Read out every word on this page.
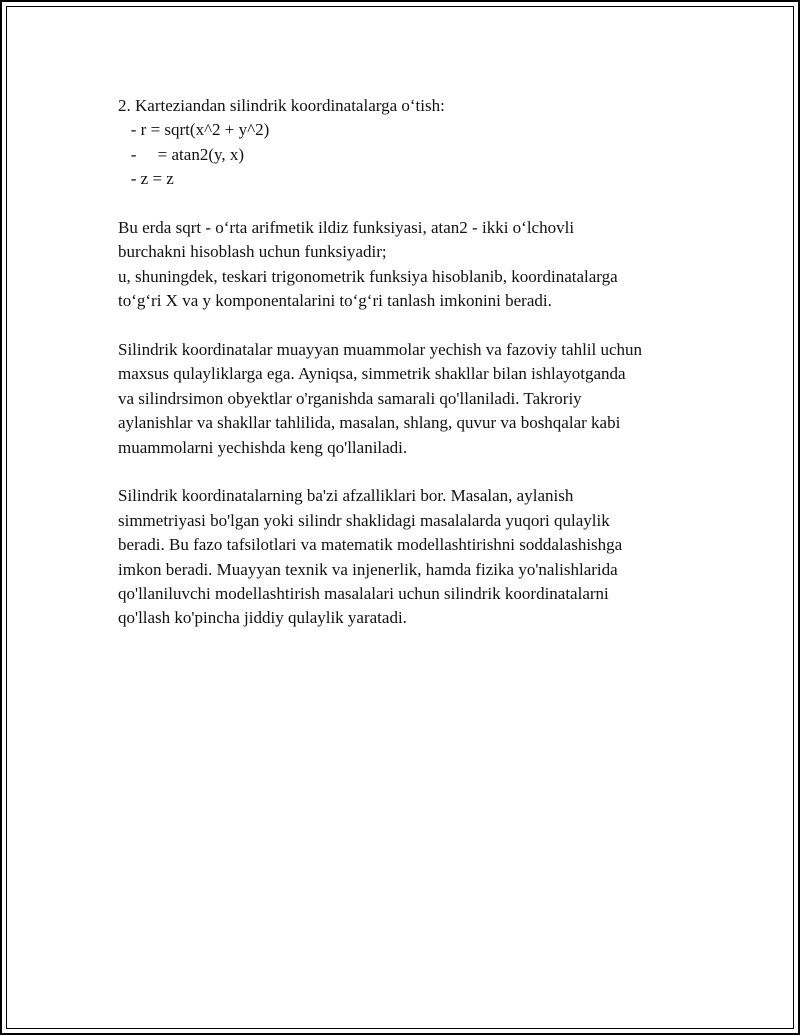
2. Karteziandan silindrik koordinatalarga o‘tish:
- r = sqrt(x^2 + y^2)
-     = atan2(y, x)
- z = z
Bu erda sqrt - o‘rta arifmetik ildiz funksiyasi, atan2 - ikki o‘lchovli
burchakni hisoblash uchun funksiyadir;
u, shuningdek, teskari trigonometrik funksiya hisoblanib, koordinatalarga
to‘g‘ri X va y komponentalarini to‘g‘ri tanlash imkonini beradi.
Silindrik koordinatalar muayyan muammolar yechish va fazoviy tahlil uchun
maxsus qulayliklarga ega. Ayniqsa, simmetrik shakllar bilan ishlayotganda
va silindrsimon obyektlar o'rganishda samarali qo'llaniladi. Takroriy
aylanishlar va shakllar tahlilida, masalan, shlang, quvur va boshqalar kabi
muammolarni yechishda keng qo'llaniladi.
Silindrik koordinatalarning ba'zi afzalliklari bor. Masalan, aylanish
simmetriyasi bo'lgan yoki silindr shaklidagi masalalarda yuqori qulaylik
beradi. Bu fazo tafsilotlari va matematik modellashtirishni soddalashishga
imkon beradi. Muayyan texnik va injenerlik, hamda fizika yo'nalishlarida
qo'llaniluvchi modellashtirish masalalari uchun silindrik koordinatalarni
qo'llash ko'pincha jiddiy qulaylik yaratadi.
